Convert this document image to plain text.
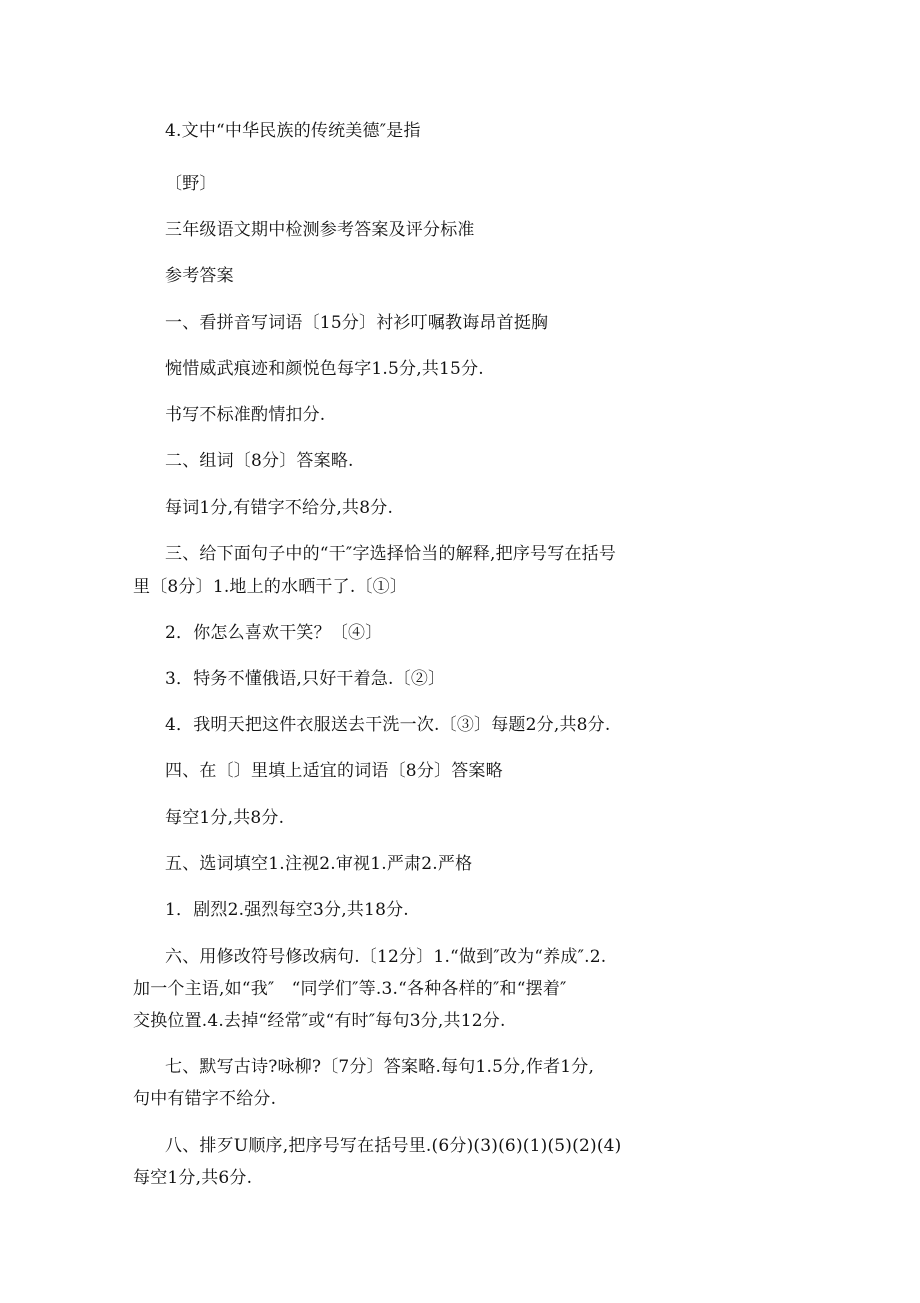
4.文中“中华民族的传统美德″是指
〔野〕
三年级语文期中检测参考答案及评分标准
参考答案
一、看拼音写词语〔15分〕衬衫叮嘱教诲昂首挺胸
惋惜威武痕迹和颜悦色每字1.5分,共15分.
书写不标准酌情扣分.
二、组词〔8分〕答案略.
每词1分,有错字不给分,共8分.
三、给下面句子中的“干″字选择恰当的解释,把序号写在括号
里〔8分〕1.地上的水晒干了.〔①〕
2．你怎么喜欢干笑？〔④〕
3．特务不懂俄语,只好干着急.〔②〕
4．我明天把这件衣服送去干洗一次.〔③〕每题2分,共8分.
四、在〔〕里填上适宜的词语〔8分〕答案略
每空1分,共8分.
五、选词填空1.注视2.审视1.严肃2.严格
1．剧烈2.强烈每空3分,共18分.
六、用修改符号修改病句.〔12分〕1.“做到″改为“养成″.2.
加一个主语,如“我″　“同学们″等.3.“各种各样的″和“摆着″
交换位置.4.去掉“经常″或“有时″每句3分,共12分.
七、默写古诗?咏柳?〔7分〕答案略.每句1.5分,作者1分,
句中有错字不给分.
八、排歹U顺序,把序号写在括号里.(6分)(3)(6)(1)(5)(2)(4)
每空1分,共6分.
